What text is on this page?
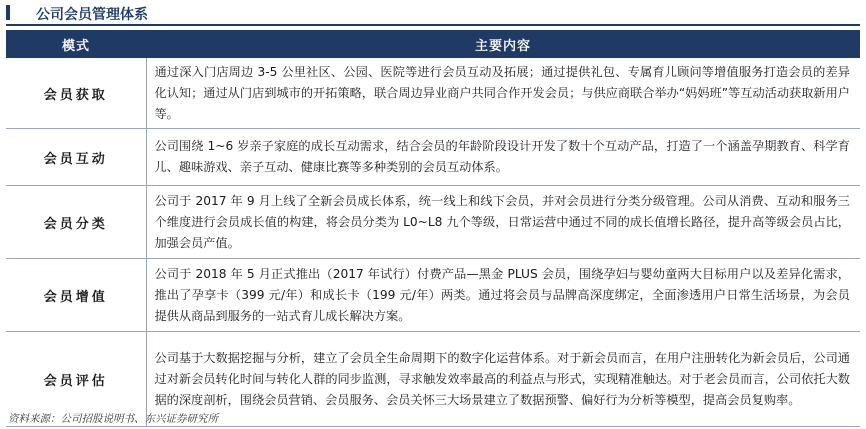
公司会员管理体系
模式	主要内容
会员获取	通过深入门店周边 3-5 公里社区、公园、医院等进行会员互动及拓展；通过提供礼包、专属育儿顾问等增值服务打造会员的差异化认知；通过从门店到城市的开拓策略，联合周边异业商户共同合作开发会员；与供应商联合举办“妈妈班”等互动活动获取新用户等。
会员互动	公司围绕 1~6 岁亲子家庭的成长互动需求，结合会员的年龄阶段设计开发了数十个互动产品，打造了一个涵盖孕期教育、科学育儿、趣味游戏、亲子互动、健康比赛等多种类别的会员互动体系。
会员分类	公司于 2017 年 9 月上线了全新会员成长体系，统一线上和线下会员，并对会员进行分类分级管理。公司从消费、互动和服务三个维度进行会员成长值的构建，将会员分类为 L0~L8 九个等级，日常运营中通过不同的成长值增长路径，提升高等级会员占比，加强会员产值。
会员增值	公司于 2018 年 5 月正式推出（2017 年试行）付费产品—黑金 PLUS 会员，围绕孕妇与婴幼童两大目标用户以及差异化需求，推出了孕享卡（399 元/年）和成长卡（199 元/年）两类。通过将会员与品牌高深度绑定，全面渗透用户日常生活场景，为会员提供从商品到服务的一站式育儿成长解决方案。
会员评估	公司基于大数据挖掘与分析，建立了会员全生命周期下的数字化运营体系。对于新会员而言，在用户注册转化为新会员后，公司通过对新会员转化时间与转化人群的同步监测，寻求触发效率最高的利益点与形式，实现精准触达。对于老会员而言，公司依托大数据的深度剖析，围绕会员营销、会员服务、会员关怀三大场景建立了数据预警、偏好行为分析等模型，提高会员复购率。
资料来源：公司招股说明书、东兴证券研究所
